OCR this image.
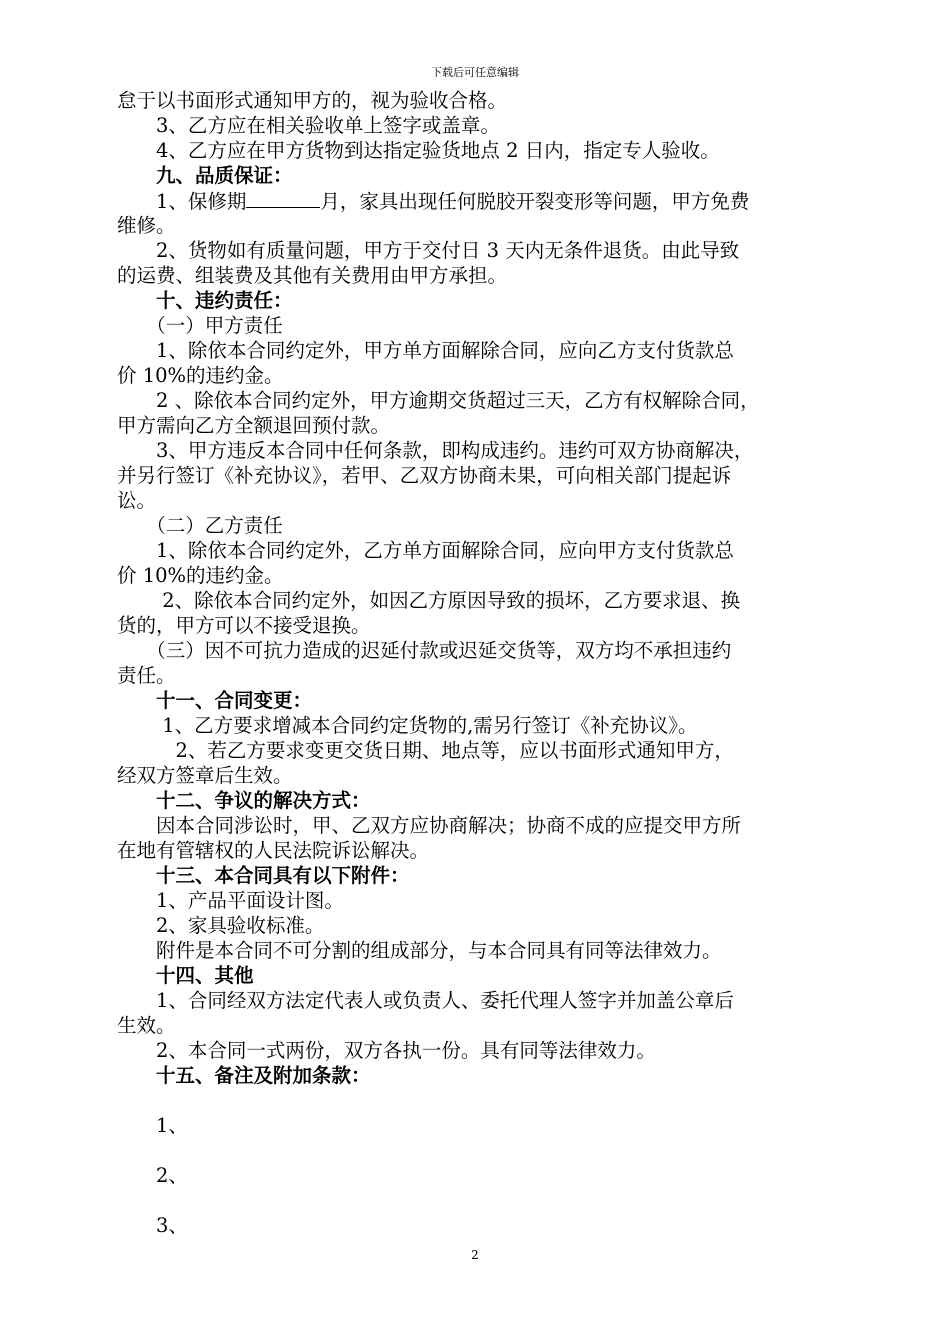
下载后可任意编辑
怠于以书面形式通知甲方的，视为验收合格。
　　3、乙方应在相关验收单上签字或盖章。
　　4、乙方应在甲方货物到达指定验货地点 2 日内，指定专人验收。
　　九、品质保证：
　　1、保修期	月，家具出现任何脱胶开裂变形等问题，甲方免费
维修。
　　2、货物如有质量问题，甲方于交付日 3 天内无条件退货。由此导致
的运费、组装费及其他有关费用由甲方承担。
　　十、违约责任：
　　（一）甲方责任
　　1、除依本合同约定外，甲方单方面解除合同，应向乙方支付货款总
价 10%的违约金。
　　2 、除依本合同约定外，甲方逾期交货超过三天，乙方有权解除合同，
甲方需向乙方全额退回预付款。
　　3、甲方违反本合同中任何条款，即构成违约。违约可双方协商解决，
并另行签订《补充协议》，若甲、乙双方协商未果，可向相关部门提起诉
讼。
　　（二）乙方责任
　　1、除依本合同约定外，乙方单方面解除合同，应向甲方支付货款总
价 10%的违约金。
　　 2、除依本合同约定外，如因乙方原因导致的损坏，乙方要求退、换
货的，甲方可以不接受退换。
　　（三）因不可抗力造成的迟延付款或迟延交货等，双方均不承担违约
责任。
　　十一、合同变更：
　　 1、乙方要求增减本合同约定货物的,需另行签订《补充协议》。
　　　2、若乙方要求变更交货日期、地点等，应以书面形式通知甲方，
经双方签章后生效。
　　十二、争议的解决方式：
　　因本合同涉讼时，甲、乙双方应协商解决；协商不成的应提交甲方所
在地有管辖权的人民法院诉讼解决。
　　十三、本合同具有以下附件：
　　1、产品平面设计图。
　　2、家具验收标准。
　　附件是本合同不可分割的组成部分，与本合同具有同等法律效力。
　　十四、其他
　　1、合同经双方法定代表人或负责人、委托代理人签字并加盖公章后
生效。
　　2、本合同一式两份，双方各执一份。具有同等法律效力。
　　十五、备注及附加条款：
　　1、
　　2、
　　3、
2
